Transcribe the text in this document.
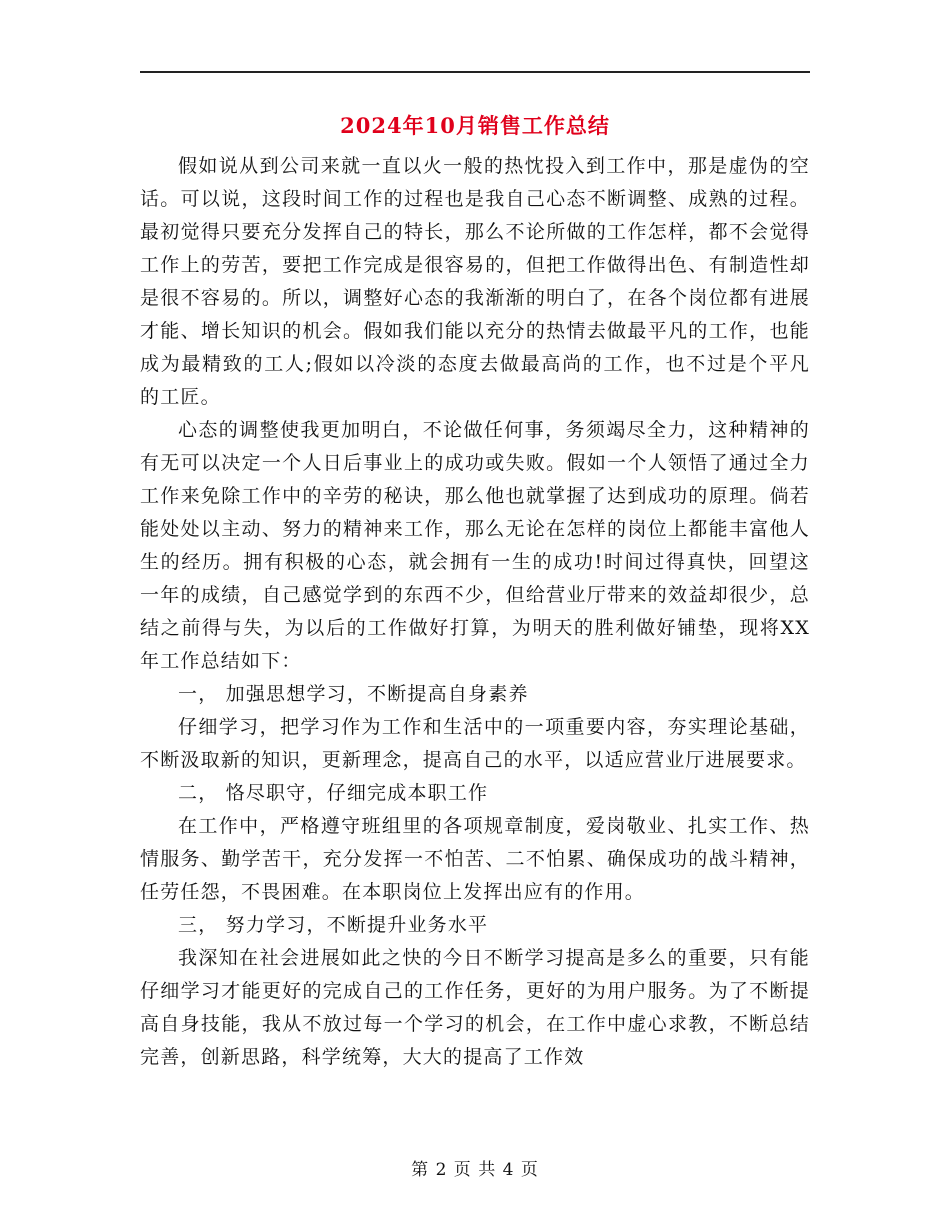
2024年10月销售工作总结

假如说从到公司来就一直以火一般的热忱投入到工作中，那是虚伪的空话。可以说，这段时间工作的过程也是我自己心态不断调整、成熟的过程。最初觉得只要充分发挥自己的特长，那么不论所做的工作怎样，都不会觉得工作上的劳苦，要把工作完成是很容易的，但把工作做得出色、有制造性却是很不容易的。所以，调整好心态的我渐渐的明白了，在各个岗位都有进展才能、增长知识的机会。假如我们能以充分的热情去做最平凡的工作，也能成为最精致的工人;假如以冷淡的态度去做最高尚的工作，也不过是个平凡的工匠。

心态的调整使我更加明白，不论做任何事，务须竭尽全力，这种精神的有无可以决定一个人日后事业上的成功或失败。假如一个人领悟了通过全力工作来免除工作中的辛劳的秘诀，那么他也就掌握了达到成功的原理。倘若能处处以主动、努力的精神来工作，那么无论在怎样的岗位上都能丰富他人生的经历。拥有积极的心态，就会拥有一生的成功!时间过得真快，回望这一年的成绩，自己感觉学到的东西不少，但给营业厅带来的效益却很少，总结之前得与失，为以后的工作做好打算，为明天的胜利做好铺垫，现将XX年工作总结如下：

一， 加强思想学习，不断提高自身素养

仔细学习，把学习作为工作和生活中的一项重要内容，夯实理论基础，不断汲取新的知识，更新理念，提高自己的水平，以适应营业厅进展要求。

二， 恪尽职守，仔细完成本职工作

在工作中，严格遵守班组里的各项规章制度，爱岗敬业、扎实工作、热情服务、勤学苦干，充分发挥一不怕苦、二不怕累、确保成功的战斗精神，任劳任怨，不畏困难。在本职岗位上发挥出应有的作用。

三， 努力学习，不断提升业务水平

我深知在社会进展如此之快的今日不断学习提高是多么的重要，只有能仔细学习才能更好的完成自己的工作任务，更好的为用户服务。为了不断提高自身技能，我从不放过每一个学习的机会，在工作中虚心求教，不断总结完善，创新思路，科学统筹，大大的提高了工作效

第 2 页 共 4 页
